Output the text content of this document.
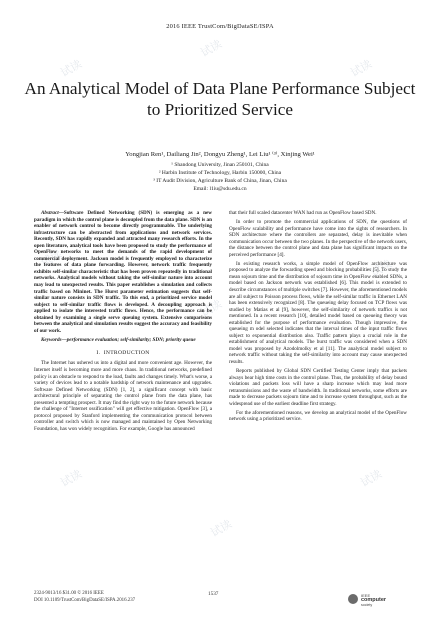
试读
试读
试读
试读
试读
试读
试读
试读
试读
2016 IEEE TrustCom/BigDataSE/ISPA
An Analytical Model of Data Plane Performance Subject to Prioritized Service
Yongjian Ren¹, Dailiang Jin², Dongyu Zheng¹, Lei Liu¹ ⁽³⁾, Xinjing Wei¹
¹ Shandong University, Jinan 250101, China
² Harbin Institute of Technology, Harbin 150000, China
³ IT Audit Division, Agriculture Bank of China, Jinan, China
Email: l1iu@sdu.edu.cn

Abstract—Software Defined Networking (SDN) is emerging as a new paradigm in which the control plane is decoupled from the data plane. SDN is an enabler of network control to become directly programmable. The underlying infrastructure can be abstracted from applications and network services. Recently, SDN has rapidly expanded and attracted many research efforts. In the open literature, analytical tools have been proposed to study the performance of OpenFlow networks to meet the demands of the rapid development of commercial deployment. Jackson model is frequently employed to characterize the features of data plane forwarding. However, network traffic frequently exhibits self-similar characteristic that has been proven repeatedly in traditional networks. Analytical models without taking the self-similar nature into account may lead to unexpected results. This paper establishes a simulation and collects traffic based on Mininet. The Hurst parameter estimation suggests that self-similar nature consists in SDN traffic. To this end, a prioritized service model subject to self-similar traffic flows is developed. A decoupling approach is applied to isolate the interested traffic flows. Hence, the performance can be obtained by examining a single serve queuing system. Extensive comparisons between the analytical and simulation results suggest the accuracy and feasibility of our work.

Keywords—performance evaluation; self-similarity; SDN; priority queue

I. INTRODUCTION

The Internet has ushered us into a digital and more convenient age. However, the Internet itself is becoming more and more chaos. In traditional networks, predefined policy is an obstacle to respond to the load, faults and changes timely. What's worse, a variety of devices lead to a notable hardship of network maintenance and upgrades. Software Defined Networking (SDN) [1, 2], a significant concept with basic architectural principle of separating the control plane from the data plane, has presented a tempting prospect. It may find the right way to the future network because the challenge of "Internet ossification" will get effective mitigation. OpenFlow [3], a protocol proposed by Stanford implementing the communication protocol between controller and switch which is now managed and maintained by Open Networking Foundation, has won widely recognition. For example, Google has announced

that their full scaled datacenter WAN had run as OpenFlow based SDN.

In order to promote the commercial applications of SDN, the questions of OpenFlow scalability and performance have come into the sights of researchers. In SDN architecture where the controllers are separated, delay is inevitable when communication occur between the two planes. In the perspective of the network users, the distance between the control plane and data plane has significant impacts on the perceived performance [4].

In existing research works, a simple model of OpenFlow architecture was proposed to analyze the forwarding speed and blocking probabilities [5]. To study the mean sojourn time and the distribution of sojourn time in OpenFlow enabled SDNs, a model based on Jackson network was established [6]. This model is extended to describe circumstances of multiple switches [7]. However, the aforementioned models are all subject to Poisson process flows, while the self-similar traffic in Ethernet LAN has been extensively recognized [8]. The queueing delay focused on TCP flows was studied by Matias et al [9], however, the self-similarity of network traffics is not mentioned. In a recent research [10], detailed model based on queueing theory was established for the purpose of performance evaluation. Though impressive, the queueing m odel selected indicates that the interval times of the input traffic flows subject to exponential distribution also. Traffic pattern plays a crucial role in the establishment of analytical models. The burst traffic was considered when a SDN model was proposed by Azodolmolky et al [11]. The analytical model subject to network traffic without taking the self-similarity into account may cause unexpected results.

Reports published by Global SDN Certified Testing Center imply that packets always bear high time costs in the control plane. Thus, the probability of delay bound violations and packets loss will have a sharp increase which may lead more retransmissions and the waste of bandwidth. In traditional networks, some efforts are made to decrease packets sojourn time and to increase system throughput, such as the widespread use of the earliest deadline first strategy.

For the aforementioned reasons, we develop an analytical model of the OpenFlow network using a prioritized service.

2324-9013/16 $31.00 © 2016 IEEE
DOI 10.1109/TrustCom/BigDataSE/ISPA.2016.237
1537	IEEE
computer
society
